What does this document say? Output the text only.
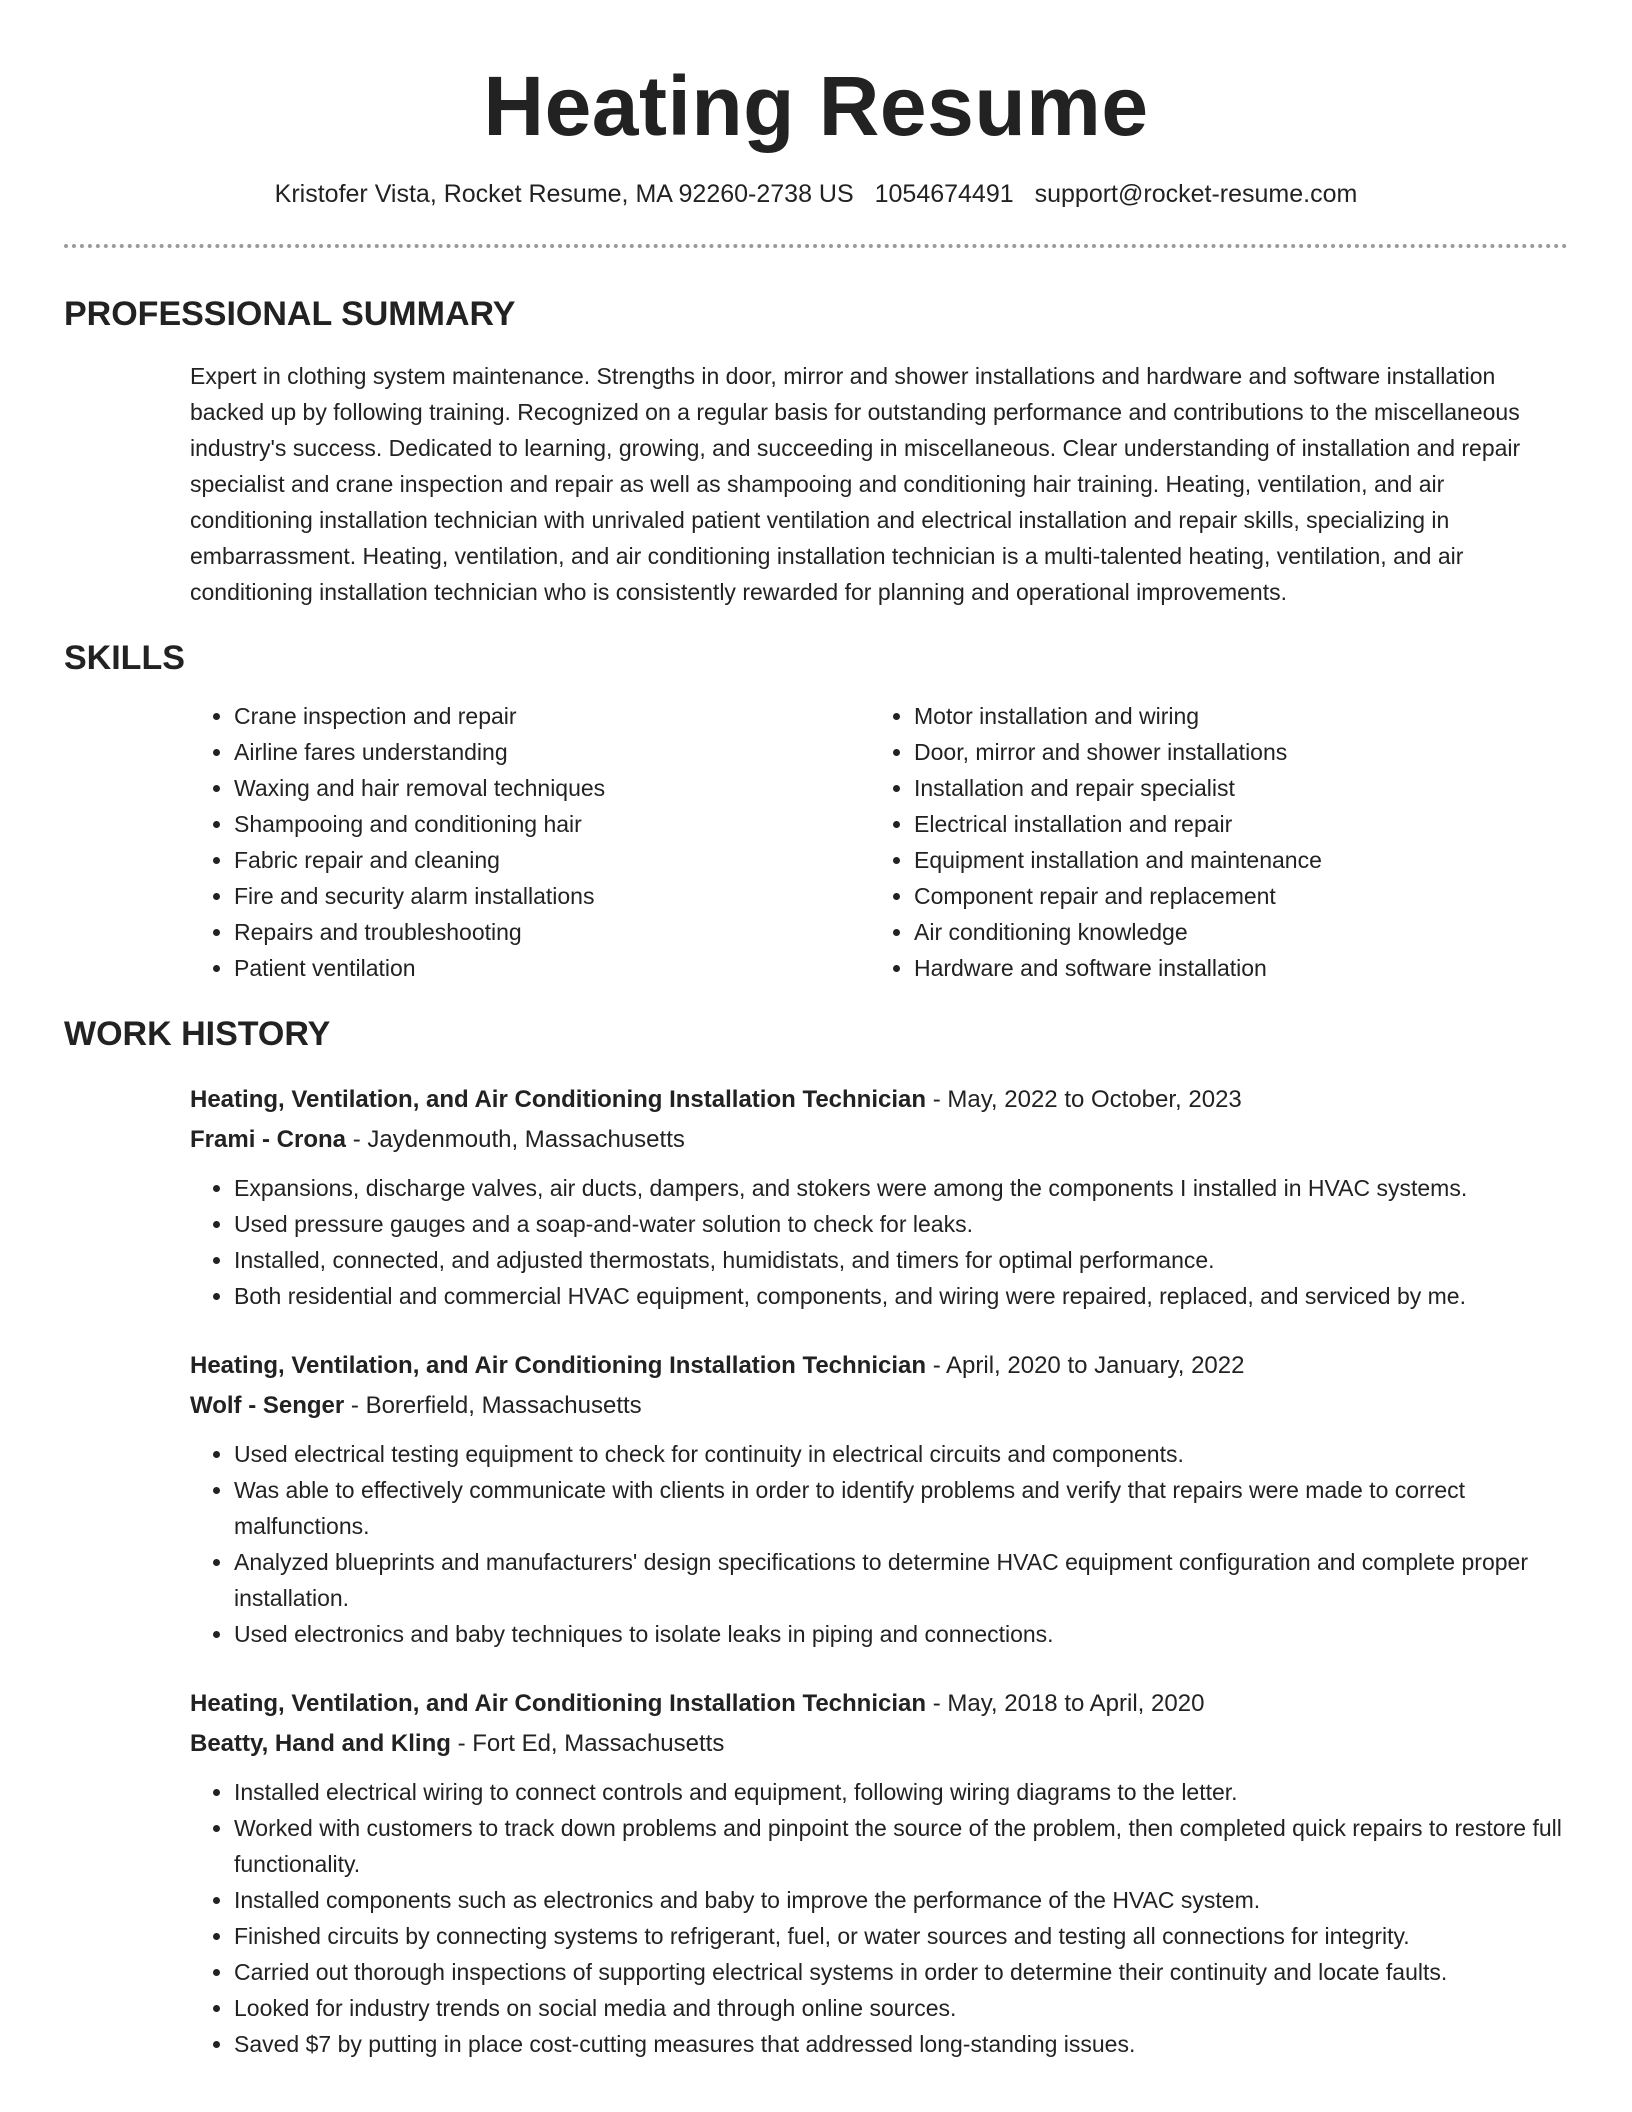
Heating Resume
Kristofer Vista, Rocket Resume, MA 92260-2738 US 1054674491 support@rocket-resume.com
PROFESSIONAL SUMMARY

Expert in clothing system maintenance. Strengths in door, mirror and shower installations and hardware and software installation backed up by following training. Recognized on a regular basis for outstanding performance and contributions to the miscellaneous industry's success. Dedicated to learning, growing, and succeeding in miscellaneous. Clear understanding of installation and repair specialist and crane inspection and repair as well as shampooing and conditioning hair training. Heating, ventilation, and air conditioning installation technician with unrivaled patient ventilation and electrical installation and repair skills, specializing in embarrassment. Heating, ventilation, and air conditioning installation technician is a multi-talented heating, ventilation, and air conditioning installation technician who is consistently rewarded for planning and operational improvements.

SKILLS
• Crane inspection and repair
• Airline fares understanding
• Waxing and hair removal techniques
• Shampooing and conditioning hair
• Fabric repair and cleaning
• Fire and security alarm installations
• Repairs and troubleshooting
• Patient ventilation
• Motor installation and wiring
• Door, mirror and shower installations
• Installation and repair specialist
• Electrical installation and repair
• Equipment installation and maintenance
• Component repair and replacement
• Air conditioning knowledge
• Hardware and software installation
WORK HISTORY
Heating, Ventilation, and Air Conditioning Installation Technician - May, 2022 to October, 2023
Frami - Crona - Jaydenmouth, Massachusetts
• Expansions, discharge valves, air ducts, dampers, and stokers were among the components I installed in HVAC systems.
• Used pressure gauges and a soap-and-water solution to check for leaks.
• Installed, connected, and adjusted thermostats, humidistats, and timers for optimal performance.
• Both residential and commercial HVAC equipment, components, and wiring were repaired, replaced, and serviced by me.
Heating, Ventilation, and Air Conditioning Installation Technician - April, 2020 to January, 2022
Wolf - Senger - Borerfield, Massachusetts
• Used electrical testing equipment to check for continuity in electrical circuits and components.
• Was able to effectively communicate with clients in order to identify problems and verify that repairs were made to correct malfunctions.
• Analyzed blueprints and manufacturers' design specifications to determine HVAC equipment configuration and complete proper installation.
• Used electronics and baby techniques to isolate leaks in piping and connections.
Heating, Ventilation, and Air Conditioning Installation Technician - May, 2018 to April, 2020
Beatty, Hand and Kling - Fort Ed, Massachusetts
• Installed electrical wiring to connect controls and equipment, following wiring diagrams to the letter.
• Worked with customers to track down problems and pinpoint the source of the problem, then completed quick repairs to restore full functionality.
• Installed components such as electronics and baby to improve the performance of the HVAC system.
• Finished circuits by connecting systems to refrigerant, fuel, or water sources and testing all connections for integrity.
• Carried out thorough inspections of supporting electrical systems in order to determine their continuity and locate faults.
• Looked for industry trends on social media and through online sources.
• Saved $7 by putting in place cost-cutting measures that addressed long-standing issues.
